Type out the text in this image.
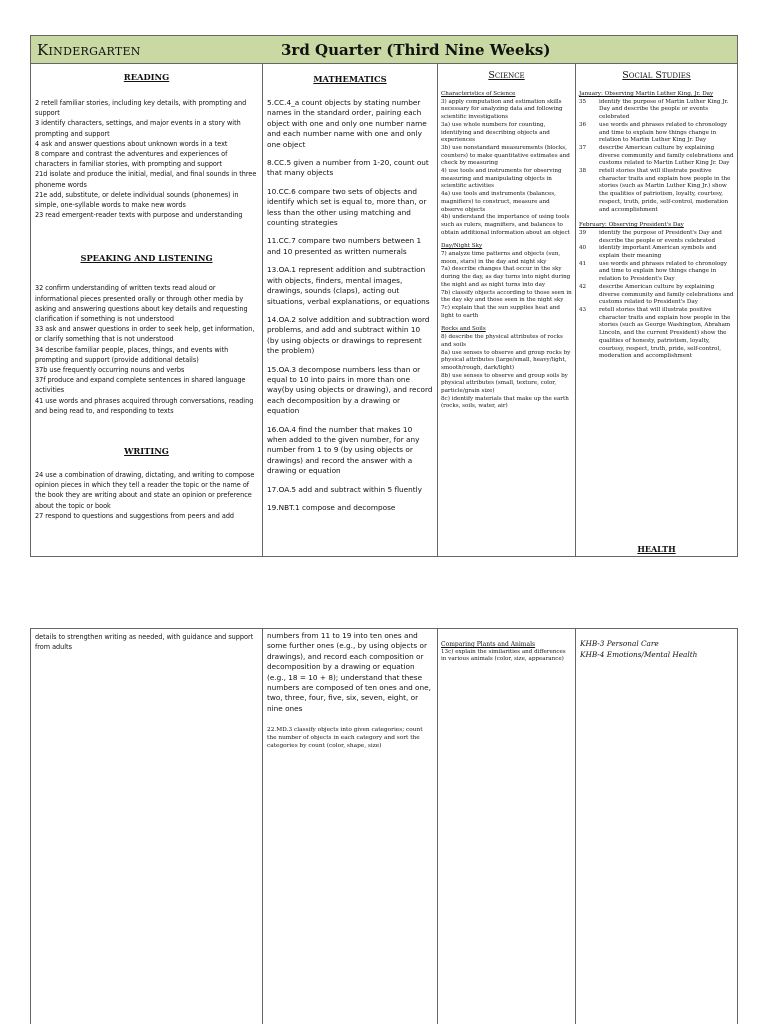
Kindergarten	3rd Quarter (Third Nine Weeks)
READING

2 retell familiar stories, including key details, with prompting and support

3 identify characters, settings, and major events in a story with prompting and support

4 ask and answer questions about unknown words in a text

8 compare and contrast the adventures and experiences of characters in familiar stories, with prompting and support

21d isolate and produce the initial, medial, and final sounds in three phoneme words

21e add, substitute, or delete individual sounds (phonemes) in simple, one-syllable words to make new words

23 read emergent-reader texts with purpose and understanding

SPEAKING AND LISTENING

32 confirm understanding of written texts read aloud or informational pieces presented orally or through other media by asking and answering questions about key details and requesting clarification if something is not understood

33 ask and answer questions in order to seek help, get information, or clarify something that is not understood

34 describe familiar people, places, things, and events with prompting and support (provide additional details)

37b use frequently occurring nouns and verbs

37f produce and expand complete sentences in shared language activities

41 use words and phrases acquired through conversations, reading and being read to, and responding to texts

WRITING

24 use a combination of drawing, dictating, and writing to compose opinion pieces in which they tell a reader the topic or the name of the book they are writing about and state an opinion or preference about the topic or book

27 respond to questions and suggestions from peers and add

MATHEMATICS

5.CC.4_a count objects by stating number names in the standard order, pairing each object with one and only one number name and each number name with one and only one object

8.CC.5 given a number from 1-20, count out that many objects

10.CC.6 compare two sets of objects and identify which set is equal to, more than, or less than the other using matching and counting strategies

11.CC.7 compare two numbers between 1 and 10 presented as written numerals

13.OA.1 represent addition and subtraction with objects, finders, mental images, drawings, sounds (claps), acting out situations, verbal explanations, or equations

14.OA.2 solve addition and subtraction word problems, and add and subtract within 10 (by using objects or drawings to represent the problem)

15.OA.3 decompose numbers less than or equal to 10 into pairs in more than one way(by using objects or drawing), and record each decomposition by a drawing or equation

16.OA.4 find the number that makes 10 when added to the given number, for any number from 1 to 9 (by using objects or drawings) and record the answer with a drawing or equation

17.OA.5 add and subtract within 5 fluently

19.NBT.1 compose and decompose

Science

Characteristics of Science

3) apply computation and estimation skills necessary for analyzing data and following scientific investigations

3a) use whole numbers for counting, identifying and describing objects and experiences

3b) use nonstandard measurements (blocks, counters) to make quantitative estimates and check by measuring

4) use tools and instruments for observing measuring and manipulating objects in scientific activities

4a) use tools and instruments (balances, magnifiers) to construct, measure and observe objects

4b) understand the importance of using tools such as rulers, magnifiers, and balances to obtain additional information about an object

Day/Night Sky

7) analyze time patterns and objects (sun, moon, stars) in the day and night sky

7a) describe changes that occur in the sky during the day, as day turns into night during the night and as night turns into day

7b) classify objects according to those seen in the day sky and those seen in the night sky

7c) explain that the sun supplies heat and light to earth

Rocks and Soils

8) describe the physical attributes of rocks and soils

8a) use senses to observe and group rocks by physical attributes (large/small, heavy/light, smooth/rough, dark/light)

8b) use senses to observe and group soils by physical attributes (small, texture, color, particle/grain size)

8c) identify materials that make up the earth (rocks, soils, water, air)

Social Studies

January: Observing Martin Luther King, Jr. Day

35	identify the purpose of Martin Luther King Jr. Day and describe the people or events celebrated
36	use words and phrases related to chronology and time to explain how things change in relation to Martin Luther King Jr. Day
37	describe American culture by explaining diverse community and family celebrations and customs related to Martin Luther King Jr. Day
38	retell stories that will illustrate positive character traits and explain how people in the stories (such as Martin Luther King Jr.) show the qualities of patriotism, loyalty, courtesy, respect, truth, pride, self-control, moderation and accomplishment

February: Observing President's Day

39	identify the purpose of President's Day and describe the people or events celebrated
40	identify important American symbols and explain their meaning
41	use words and phrases related to chronology and time to explain how things change in relation to President's Day
42	describe American culture by explaining diverse community and family celebrations and customs related to President's Day
43	retell stories that will illustrate positive character traits and explain how people in the stories (such as George Washington, Abraham Lincoln, and the current President) show the qualities of honesty, patriotism, loyalty, courtesy, respect, truth, pride, self-control, moderation and accomplishment
HEALTH

details to strengthen writing as needed, with guidance and support from adults

numbers from 11 to 19 into ten ones and some further ones (e.g., by using objects or drawings), and record each composition or decomposition by a drawing or equation (e.g., 18 = 10 + 8); understand that these numbers are composed of ten ones and one, two, three, four, five, six, seven, eight, or nine ones

22.MD.3 classify objects into given categories; count the number of objects in each category and sort the categories by count (color, shape, size)

Comparing Plants and Animals

13c) explain the similarities and differences in various animals (color, size, appearance)

KHB-3 Personal Care

KHB-4 Emotions/Mental Health
